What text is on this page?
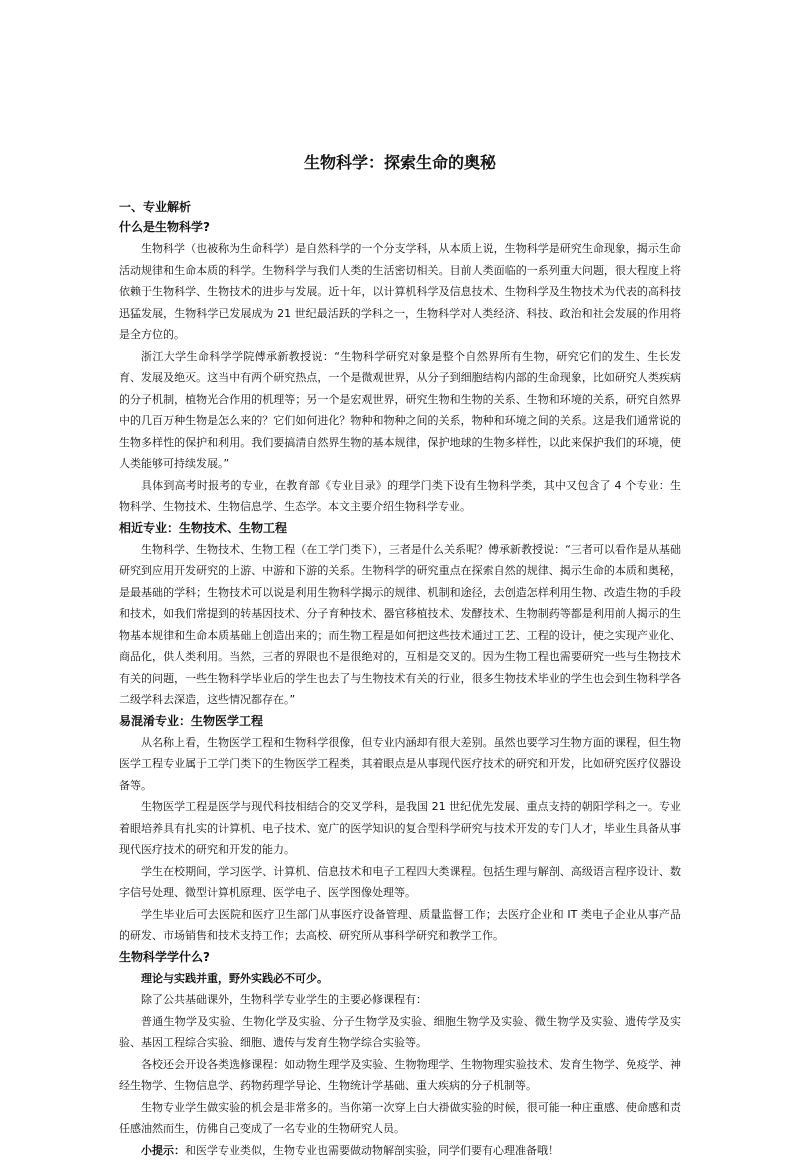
生物科学：探索生命的奥秘
一、专业解析
什么是生物科学?

生物科学（也被称为生命科学）是自然科学的一个分支学科，从本质上说，生物科学是研究生命现象，揭示生命活动规律和生命本质的科学。生物科学与我们人类的生活密切相关。目前人类面临的一系列重大问题，很大程度上将依赖于生物科学、生物技术的进步与发展。近十年，以计算机科学及信息技术、生物科学及生物技术为代表的高科技迅猛发展，生物科学已发展成为 21 世纪最活跃的学科之一，生物科学对人类经济、科技、政治和社会发展的作用将是全方位的。

浙江大学生命科学学院傅承新教授说：“生物科学研究对象是整个自然界所有生物，研究它们的发生、生长发育、发展及绝灭。这当中有两个研究热点，一个是微观世界，从分子到细胞结构内部的生命现象，比如研究人类疾病的分子机制，植物光合作用的机理等；另一个是宏观世界，研究生物和生物的关系、生物和环境的关系，研究自然界中的几百万种生物是怎么来的？它们如何进化？物种和物种之间的关系，物种和环境之间的关系。这是我们通常说的生物多样性的保护和利用。我们要搞清自然界生物的基本规律，保护地球的生物多样性，以此来保护我们的环境，使人类能够可持续发展。”

具体到高考时报考的专业，在教育部《专业目录》的理学门类下设有生物科学类，其中又包含了 4 个专业：生物科学、生物技术、生物信息学、生态学。本文主要介绍生物科学专业。

相近专业：生物技术、生物工程

生物科学、生物技术、生物工程（在工学门类下），三者是什么关系呢？傅承新教授说：“三者可以看作是从基础研究到应用开发研究的上游、中游和下游的关系。生物科学的研究重点在探索自然的规律、揭示生命的本质和奥秘，是最基础的学科；生物技术可以说是利用生物科学揭示的规律、机制和途径，去创造怎样利用生物、改造生物的手段和技术，如我们常提到的转基因技术、分子育种技术、器官移植技术、发酵技术、生物制药等都是利用前人揭示的生物基本规律和生命本质基础上创造出来的；而生物工程是如何把这些技术通过工艺、工程的设计，使之实现产业化、商品化，供人类利用。当然，三者的界限也不是很绝对的，互相是交叉的。因为生物工程也需要研究一些与生物技术有关的问题，一些生物科学毕业后的学生也去了与生物技术有关的行业，很多生物技术毕业的学生也会到生物科学各二级学科去深造，这些情况都存在。”

易混淆专业：生物医学工程

从名称上看，生物医学工程和生物科学很像，但专业内涵却有很大差别。虽然也要学习生物方面的课程，但生物医学工程专业属于工学门类下的生物医学工程类，其着眼点是从事现代医疗技术的研究和开发，比如研究医疗仪器设备等。

生物医学工程是医学与现代科技相结合的交叉学科，是我国 21 世纪优先发展、重点支持的朝阳学科之一。专业着眼培养具有扎实的计算机、电子技术、宽广的医学知识的复合型科学研究与技术开发的专门人才，毕业生具备从事现代医疗技术的研究和开发的能力。

学生在校期间，学习医学、计算机、信息技术和电子工程四大类课程。包括生理与解剖、高级语言程序设计、数字信号处理、微型计算机原理、医学电子、医学图像处理等。

学生毕业后可去医院和医疗卫生部门从事医疗设备管理、质量监督工作；去医疗企业和 IT 类电子企业从事产品的研发、市场销售和技术支持工作；去高校、研究所从事科学研究和教学工作。

生物科学学什么?

理论与实践并重，野外实践必不可少。

除了公共基础课外，生物科学专业学生的主要必修课程有：

普通生物学及实验、生物化学及实验、分子生物学及实验、细胞生物学及实验、微生物学及实验、遗传学及实验、基因工程综合实验、细胞、遗传与发育生物学综合实验等。

各校还会开设各类选修课程：如动物生理学及实验、生物物理学、生物物理实验技术、发育生物学、免疫学、神经生物学、生物信息学、药物药理学导论、生物统计学基础、重大疾病的分子机制等。

生物专业学生做实验的机会是非常多的。当你第一次穿上白大褂做实验的时候，很可能一种庄重感、使命感和责任感油然而生，仿佛自己变成了一名专业的生物研究人员。

小提示：和医学专业类似，生物专业也需要做动物解剖实验，同学们要有心理准备哦！
